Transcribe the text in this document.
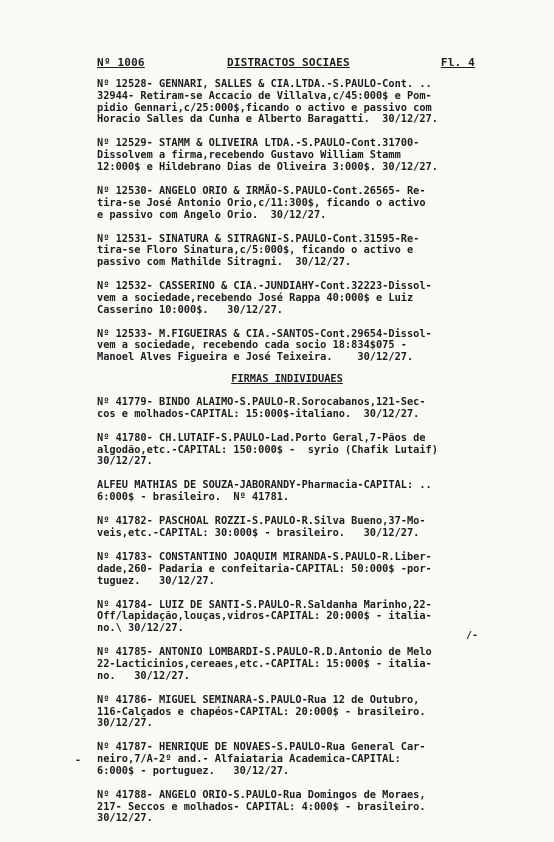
Nº 1006	DISTRACTOS SOCIAES	Fl. 4
Nº 12528- GENNARI, SALLES & CIA.LTDA.-S.PAULO-Cont. ..
32944- Retiram-se Accacio de Villalva,c/45:000$ e Pom-
pidio Gennari,c/25:000$,ficando o activo e passivo com
Horacio Salles da Cunha e Alberto Baragatti.  30/12/27.
Nº 12529- STAMM & OLIVEIRA LTDA.-S.PAULO-Cont.31700-
Dissolvem a firma,recebendo Gustavo William Stamm
12:000$ e Hildebrano Dias de Oliveira 3:000$. 30/12/27.
Nº 12530- ANGELO ORIO & IRMÃO-S.PAULO-Cont.26565- Re-
tira-se José Antonio Orio,c/11:300$, ficando o activo
e passivo com Angelo Orio.  30/12/27.
Nº 12531- SINATURA & SITRAGNI-S.PAULO-Cont.31595-Re-
tira-se Floro Sinatura,c/5:000$, ficando o activo e
passivo com Mathilde Sitragni.  30/12/27.
Nº 12532- CASSERINO & CIA.-JUNDIAHY-Cont.32223-Dissol-
vem a sociedade,recebendo José Rappa 40:000$ e Luiz
Casserino 10:000$.   30/12/27.
Nº 12533- M.FIGUEIRAS & CIA.-SANTOS-Cont.29654-Dissol-
vem a sociedade, recebendo cada socio 18:834$075 -
Manoel Alves Figueira e José Teixeira.    30/12/27.
FIRMAS INDIVIDUAES
Nº 41779- BINDO ALAIMO-S.PAULO-R.Sorocabanos,121-Sec-
cos e molhados-CAPITAL: 15:000$-italiano.  30/12/27.
Nº 41780- CH.LUTAIF-S.PAULO-Lad.Porto Geral,7-Pãos de
algodão,etc.-CAPITAL: 150:000$ -  syrio (Chafik Lutaif)
30/12/27.
ALFEU MATHIAS DE SOUZA-JABORANDY-Pharmacia-CAPITAL: ..
6:000$ - brasileiro.  Nº 41781.
Nº 41782- PASCHOAL ROZZI-S.PAULO-R.Silva Bueno,37-Mo-
veis,etc.-CAPITAL: 30:000$ - brasileiro.   30/12/27.
Nº 41783- CONSTANTINO JOAQUIM MIRANDA-S.PAULO-R.Liber-
dade,260- Padaria e confeitaria-CAPITAL: 50:000$ -por-
tuguez.   30/12/27.
Nº 41784- LUIZ DE SANTI-S.PAULO-R.Saldanha Marinho,22-
Off/lapidação,louças,vidros-CAPITAL: 20:000$ - italia-
no.\ 30/12/27.
Nº 41785- ANTONIO LOMBARDI-S.PAULO-R.D.Antonio de Melo
22-Lacticinios,cereaes,etc.-CAPITAL: 15:000$ - italia-
no.   30/12/27.
Nº 41786- MIGUEL SEMINARA-S.PAULO-Rua 12 de Outubro,
116-Calçados e chapéos-CAPITAL: 20:000$ - brasileiro.
30/12/27.
Nº 41787- HENRIQUE DE NOVAES-S.PAULO-Rua General Car-
neiro,7/A-2º and.- Alfaiataria Academica-CAPITAL:
6:000$ - portuguez.   30/12/27.
Nº 41788- ANGELO ORIO-S.PAULO-Rua Domingos de Moraes,
217- Seccos e molhados- CAPITAL: 4:000$ - brasileiro.
30/12/27.
/-
-
